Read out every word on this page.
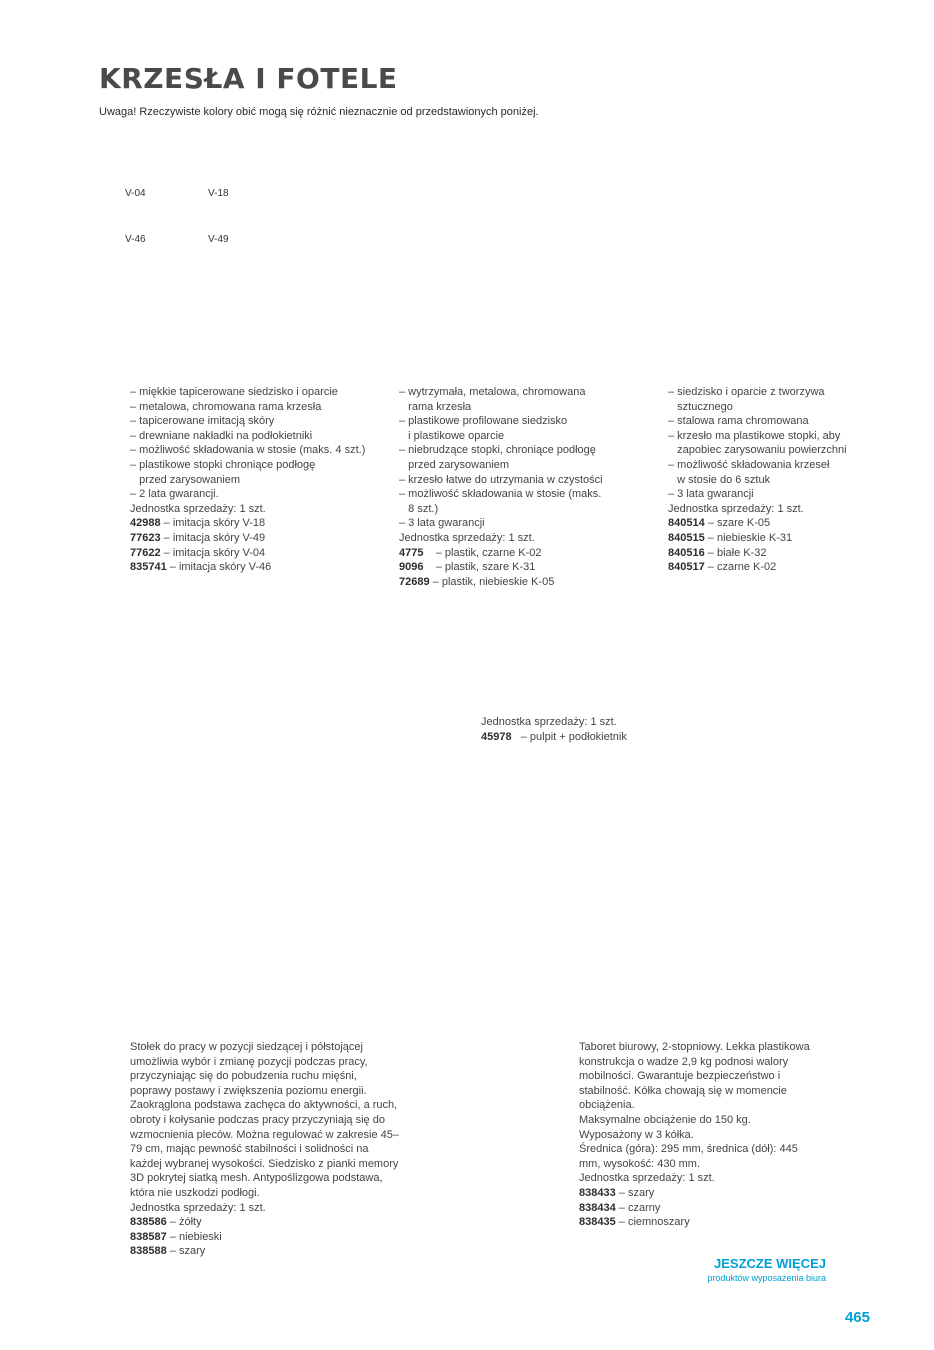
KRZESŁA I FOTELE
Uwaga! Rzeczywiste kolory obić mogą się różnić nieznacznie od przedstawionych poniżej.
V-04	V-18
V-46	V-49
– miękkie tapicerowane siedzisko i oparcie
– metalowa, chromowana rama krzesła
– tapicerowane imitacją skóry
– drewniane nakładki na podłokietniki
– możliwość składowania w stosie (maks. 4 szt.)
– plastikowe stopki chroniące podłogę
przed zarysowaniem
– 2 lata gwarancji.
Jednostka sprzedaży: 1 szt.
42988 – imitacja skóry V-18
77623 – imitacja skóry V-49
77622 – imitacja skóry V-04
835741 – imitacja skóry V-46
– wytrzymała, metalowa, chromowana
rama krzesła
– plastikowe profilowane siedzisko
i plastikowe oparcie
– niebrudzące stopki, chroniące podłogę
przed zarysowaniem
– krzesło łatwe do utrzymania w czystości
– możliwość składowania w stosie (maks.
8 szt.)
– 3 lata gwarancji
Jednostka sprzedaży: 1 szt.
4775    – plastik, czarne K-02
9096    – plastik, szare K-31
72689 – plastik, niebieskie K-05
– siedzisko i oparcie z tworzywa
sztucznego
– stalowa rama chromowana
– krzesło ma plastikowe stopki, aby
zapobiec zarysowaniu powierzchni
– możliwość składowania krzeseł
w stosie do 6 sztuk
– 3 lata gwarancji
Jednostka sprzedaży: 1 szt.
840514 – szare K-05
840515 – niebieskie K-31
840516 – białe K-32
840517 – czarne K-02
Jednostka sprzedaży: 1 szt.
45978   – pulpit + podłokietnik
Stołek do pracy w pozycji siedzącej i półstojącej umożliwia wybór i zmianę pozycji podczas pracy, przyczyniając się do pobudzenia ruchu mięśni, poprawy postawy i zwiększenia poziomu energii. Zaokrąglona podstawa zachęca do aktywności, a ruch, obroty i kołysanie podczas pracy przyczyniają się do wzmocnienia pleców. Można regulować w zakresie 45–79 cm, mając pewność stabilności i solidności na każdej wybranej wysokości. Siedzisko z pianki memory 3D pokrytej siatką mesh. Antypoślizgowa podstawa, która nie uszkodzi podłogi.
Jednostka sprzedaży: 1 szt.
838586 – żółty
838587 – niebieski
838588 – szary
Taboret biurowy, 2-stopniowy. Lekka plastikowa konstrukcja o wadze 2,9 kg podnosi walory mobilności. Gwarantuje bezpieczeństwo i stabilność. Kółka chowają się w momencie obciążenia.
Maksymalne obciążenie do 150 kg.
Wyposażony w 3 kółka.
Średnica (góra): 295 mm, średnica (dół): 445 mm, wysokość: 430 mm.
Jednostka sprzedaży: 1 szt.
838433 – szary
838434 – czarny
838435 – ciemnoszary
JESZCZE WIĘCEJ
produktów wyposażenia biura
465
